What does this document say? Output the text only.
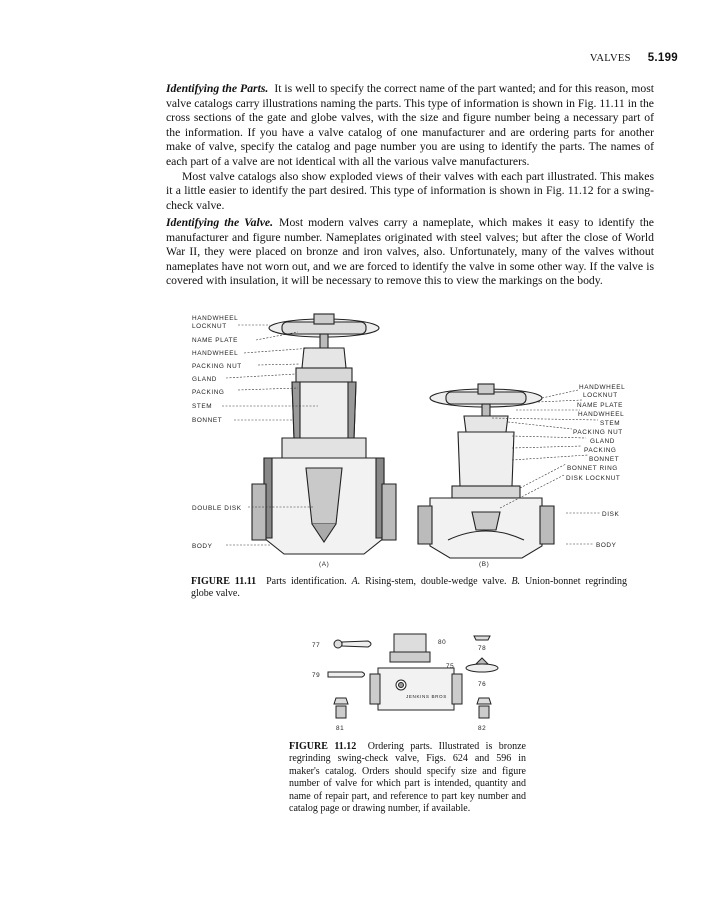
VALVES 5.199

Identifying the Parts. It is well to specify the correct name of the part wanted; and for this reason, most valve catalogs carry illustrations naming the parts. This type of information is shown in Fig. 11.11 in the cross sections of the gate and globe valves, with the size and figure number being a necessary part of the information. If you have a valve catalog of one manufacturer and are ordering parts for another make of valve, specify the catalog and page number you are using to identify the parts. The names of each part of a valve are not identical with all the various valve manufacturers.

Most valve catalogs also show exploded views of their valves with each part illustrated. This makes it a little easier to identify the part desired. This type of information is shown in Fig. 11.12 for a swing-check valve.

Identifying the Valve. Most modern valves carry a nameplate, which makes it easy to identify the manufacturer and figure number. Nameplates originated with steel valves; but after the close of World War II, they were placed on bronze and iron valves, also. Unfortunately, many of the valves without nameplates have not worn out, and we are forced to identify the valve in some other way. If the valve is covered with insulation, it will be necessary to remove this to view the markings on the body.

HANDWHEEL
LOCKNUT
NAME PLATE
HANDWHEEL
PACKING NUT
GLAND
PACKING
STEM
BONNET
DOUBLE DISK
BODY
HANDWHEEL
LOCKNUT
NAME PLATE
HANDWHEEL
STEM
PACKING NUT
GLAND
PACKING
BONNET
BONNET RING
DISK LOCKNUT
DISK
BODY
(A)	(B)
FIGURE 11.11 Parts identification. A. Rising-stem, double-wedge valve. B. Union-bonnet regrinding globe valve.
77	80
78
79
75
76
81	82
JENKINS BROS
FIGURE 11.12 Ordering parts. Illustrated is bronze regrinding swing-check valve, Figs. 624 and 596 in maker's catalog. Orders should specify size and figure number of valve for which part is intended, quantity and name of repair part, and reference to part key number and catalog page or drawing number, if available.
